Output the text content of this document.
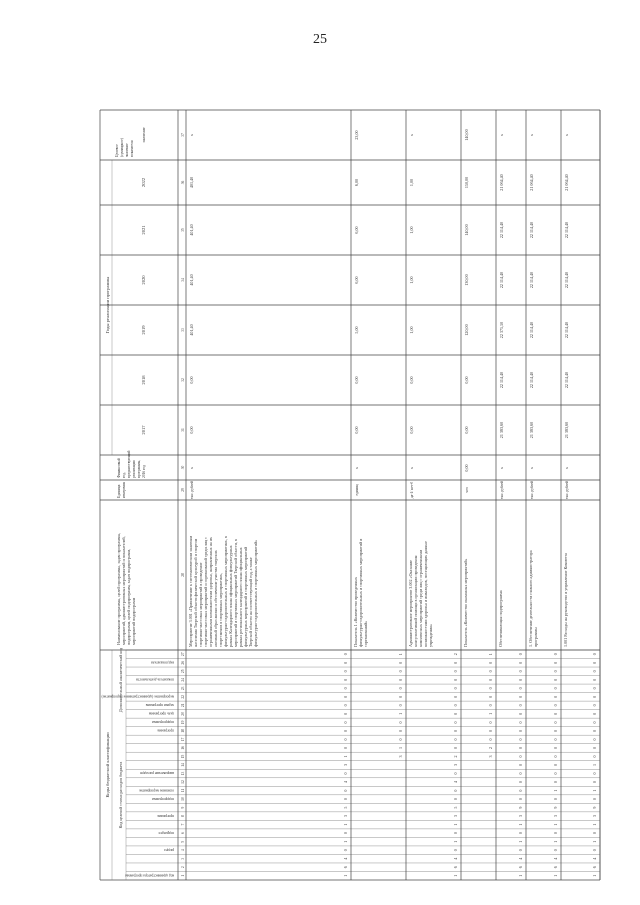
25
Коды бюджетной классификации Код целевой статьи расходов бюджета
Дополнительный аналитический код
Годы реализации программы
код администратора программы
раздел
подраздел
программа
подпрограмма
основное мероприятие
направление расходов
программа
подпрограмма
цель программы
задачи программы
мероприятие (административное мероприятие)
показатель деятельности
вид показателя
2017
2018
2019
2020
2021
2022
Наименование программы, целей программы, задач программы,мероприятий, административных мероприятий и показателей,подпрограмм, целей подпрограмм, задач подпрограмм,мероприятий подпрограмм
Единицаизмерения
Финансовыйгод,предшествующийреализациипрограммы,2016 год
Целевое(суммарное)значениепоказателя
значение
1
2
3
4
5
6
7
8
9
10
11
12
13
14
15
16
17
18
19
20
21
22
23
24
25
26
27
28
29
30
31
32
33
34
35
36
37
1
6
4
0
1
0
1
3
5
0
0
4
0
3
1
0
0
0
0
0
0
0
0
0
0
0
0
Мероприятие 3.001 «Привлечение к систематическим занятиямнаселения Тверской области физической культурой и спортомспортивно-массовых мероприятий в проведениеспортивно-массовых мероприятий и соревнований среди лиц сограниченными возможностями здоровья, направленных на ихактивный образ жизни и обеспечение участия тверскихспортсменов в спортивных мероприятиях,физкультурно-оздоровительных и спортивных мероприятиях, врамках Календарного плана официальных физкультурныхмероприятий и спортивных мероприятий Тверской области, врамках регионального календарного плана официальныхфизкультурных мероприятий и спортивных мероприятийТверской области на соответствующий год, а такжефизкультурно-оздоровительных и спортивных мероприятий»
тыс. рублей
х
0,00
0,00
401,40
401,40
401,40
401,40
х
3
1
0
0
0
1
0
0
0
0
0
0
1
Показатель 1 «Количество проведенныхфизкультурно-оздоровительных и спортивных мероприятий исоревнований»
единиц
х
0,00
0,00
5,00
6,00
6,00
6,00
23,00
1
6
4
0
1
0
1
3
5
0
0
4
0
3
2
0
0
0
0
0
0
0
0
0
0
0
2
Административное мероприятие 3.002 «Оказаниеконсультативной помощи в организации проведениякомплексных мероприятий среди лиц с ограниченнымивозможностями здоровья и инвалидов, посещающих данныеучреждения»
да-1/ нет-0
х
0,00
0,00
1,00
1,00
1,00
1,00
х
3
2
0
0
0
1
0
0
0
0
0
0
1
Показатель «Количество оказанных мероприятий»
чел
0,00
0,00
0,00
120,00
130,00
140,00
150,00
140,00
1
6
4
0
1
0
1
3
9
0
0
0
0
0
0
0
0
0
0
0
0
0
0
0
0
0
0
Обеспечивающая подпрограмма
тыс. рублей
х
21 383,60
22 114,40
22 375,50
22 114,40
22 114,40
21 064,40
х
1
6
4
0
1
0
1
3
9
0
1
0
0
0
0
0
0
0
0
0
0
0
0
0
0
0
0
1. Обеспечение деятельности главного администраторапрограммы
тыс. рублей
х
21 383,60
22 114,40
22 114,40
22 114,40
22 114,40
21 064,40
х
1
6
4
0
1
0
1
3
9
0
1
0
0
1
0
0
0
0
0
0
0
0
0
0
0
0
0
1.001 Расходы на руководство и управление Комитета
тыс. рублей
х
21 383,60
22 114,40
22 114,40
22 114,40
22 114,40
21 064,40
х
